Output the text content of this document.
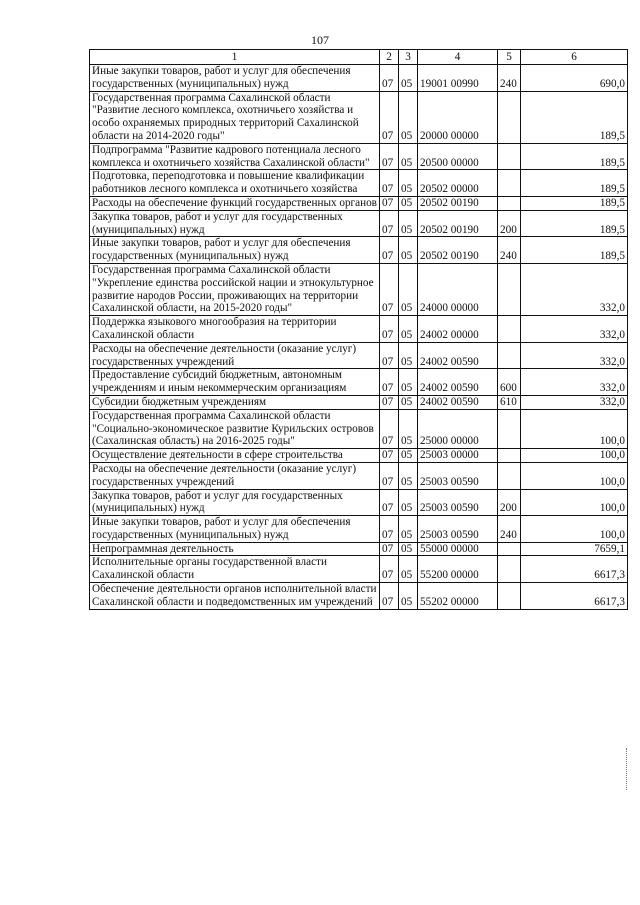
107
1	2	3	4	5	6
Иные закупки товаров, работ и услуг для обеспечения государственных (муниципальных) нужд	07	05	19001 00990	240	690,0
Государственная программа Сахалинской области "Развитие лесного комплекса, охотничьего хозяйства и особо охраняемых природных территорий Сахалинской области на 2014-2020 годы"	07	05	20000 00000		189,5
Подпрограмма "Развитие кадрового потенциала лесного комплекса и охотничьего хозяйства Сахалинской области"	07	05	20500 00000		189,5
Подготовка, переподготовка и повышение квалификации работников лесного комплекса и охотничьего хозяйства	07	05	20502 00000		189,5
Расходы на обеспечение функций государственных органов	07	05	20502 00190		189,5
Закупка товаров, работ и услуг для государственных (муниципальных) нужд	07	05	20502 00190	200	189,5
Иные закупки товаров, работ и услуг для обеспечения государственных (муниципальных) нужд	07	05	20502 00190	240	189,5
Государственная программа Сахалинской области "Укрепление единства российской нации и этнокультурное развитие народов России, проживающих на территории Сахалинской области, на 2015-2020 годы"	07	05	24000 00000		332,0
Поддержка языкового многообразия на территории Сахалинской области	07	05	24002 00000		332,0
Расходы на обеспечение деятельности (оказание услуг) государственных учреждений	07	05	24002 00590		332,0
Предоставление субсидий бюджетным, автономным учреждениям и иным некоммерческим организациям	07	05	24002 00590	600	332,0
Субсидии бюджетным учреждениям	07	05	24002 00590	610	332,0
Государственная программа Сахалинской области "Социально-экономическое развитие Курильских островов (Сахалинская область) на 2016-2025 годы"	07	05	25000 00000		100,0
Осуществление деятельности в сфере строительства	07	05	25003 00000		100,0
Расходы на обеспечение деятельности (оказание услуг) государственных учреждений	07	05	25003 00590		100,0
Закупка товаров, работ и услуг для государственных (муниципальных) нужд	07	05	25003 00590	200	100,0
Иные закупки товаров, работ и услуг для обеспечения государственных (муниципальных) нужд	07	05	25003 00590	240	100,0
Непрограммная деятельность	07	05	55000 00000		7659,1
Исполнительные органы государственной власти Сахалинской области	07	05	55200 00000		6617,3
Обеспечение деятельности органов исполнительной власти Сахалинской области и подведомственных им учреждений	07	05	55202 00000		6617,3
